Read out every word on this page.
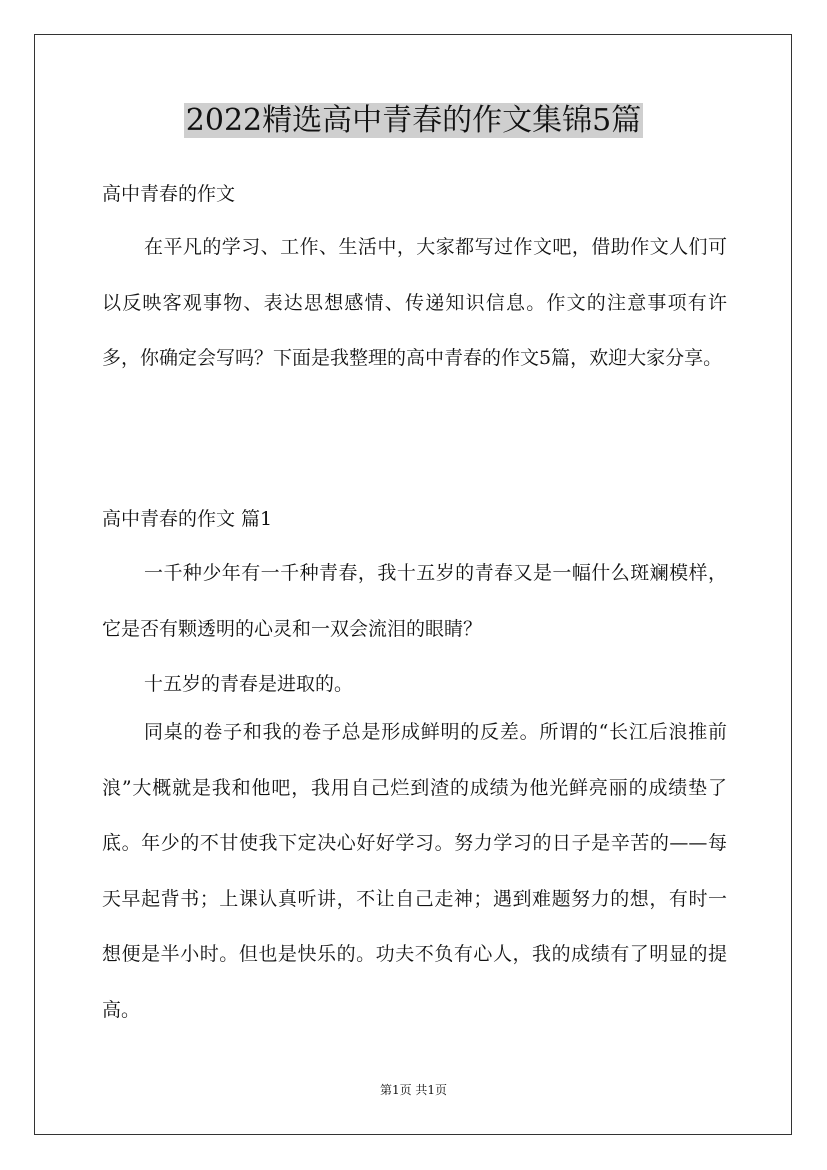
2022精选高中青春的作文集锦5篇
高中青春的作文
在平凡的学习、工作、生活中，大家都写过作文吧，借助作文人们可以反映客观事物、表达思想感情、传递知识信息。作文的注意事项有许多，你确定会写吗？下面是我整理的高中青春的作文5篇，欢迎大家分享。
高中青春的作文 篇1
一千种少年有一千种青春，我十五岁的青春又是一幅什么斑斓模样，它是否有颗透明的心灵和一双会流泪的眼睛？
十五岁的青春是进取的。
同桌的卷子和我的卷子总是形成鲜明的反差。所谓的“长江后浪推前浪”大概就是我和他吧，我用自己烂到渣的成绩为他光鲜亮丽的成绩垫了底。年少的不甘使我下定决心好好学习。努力学习的日子是辛苦的——每天早起背书；上课认真听讲，不让自己走神；遇到难题努力的想，有时一想便是半小时。但也是快乐的。功夫不负有心人，我的成绩有了明显的提高。
第1页 共1页
